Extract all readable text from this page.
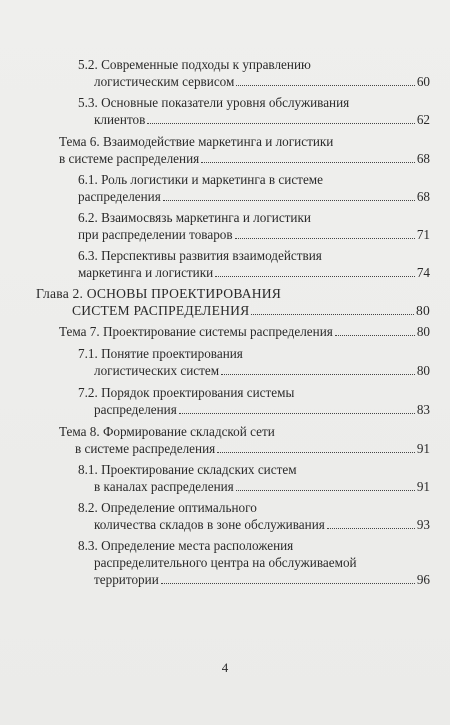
5.2. Современные подходы к управлению
логистическим сервисом	60
5.3. Основные показатели уровня обслуживания
клиентов	62
Тема 6. Взаимодействие маркетинга и логистики
в системе распределения	68
6.1. Роль логистики и маркетинга в системе
распределения	68
6.2. Взаимосвязь маркетинга и логистики
при распределении товаров	71
6.3. Перспективы развития взаимодействия
маркетинга и логистики	74
Глава 2. ОСНОВЫ ПРОЕКТИРОВАНИЯ
СИСТЕМ РАСПРЕДЕЛЕНИЯ	80
Тема 7. Проектирование системы распределения	80
7.1. Понятие проектирования
логистических систем	80
7.2. Порядок проектирования системы
распределения	83
Тема 8. Формирование складской сети
в системе распределения	91
8.1. Проектирование складских систем
в каналах распределения	91
8.2. Определение оптимального
количества складов в зоне обслуживания	93
8.3. Определение места расположения
распределительного центра на обслуживаемой
территории	96
4
